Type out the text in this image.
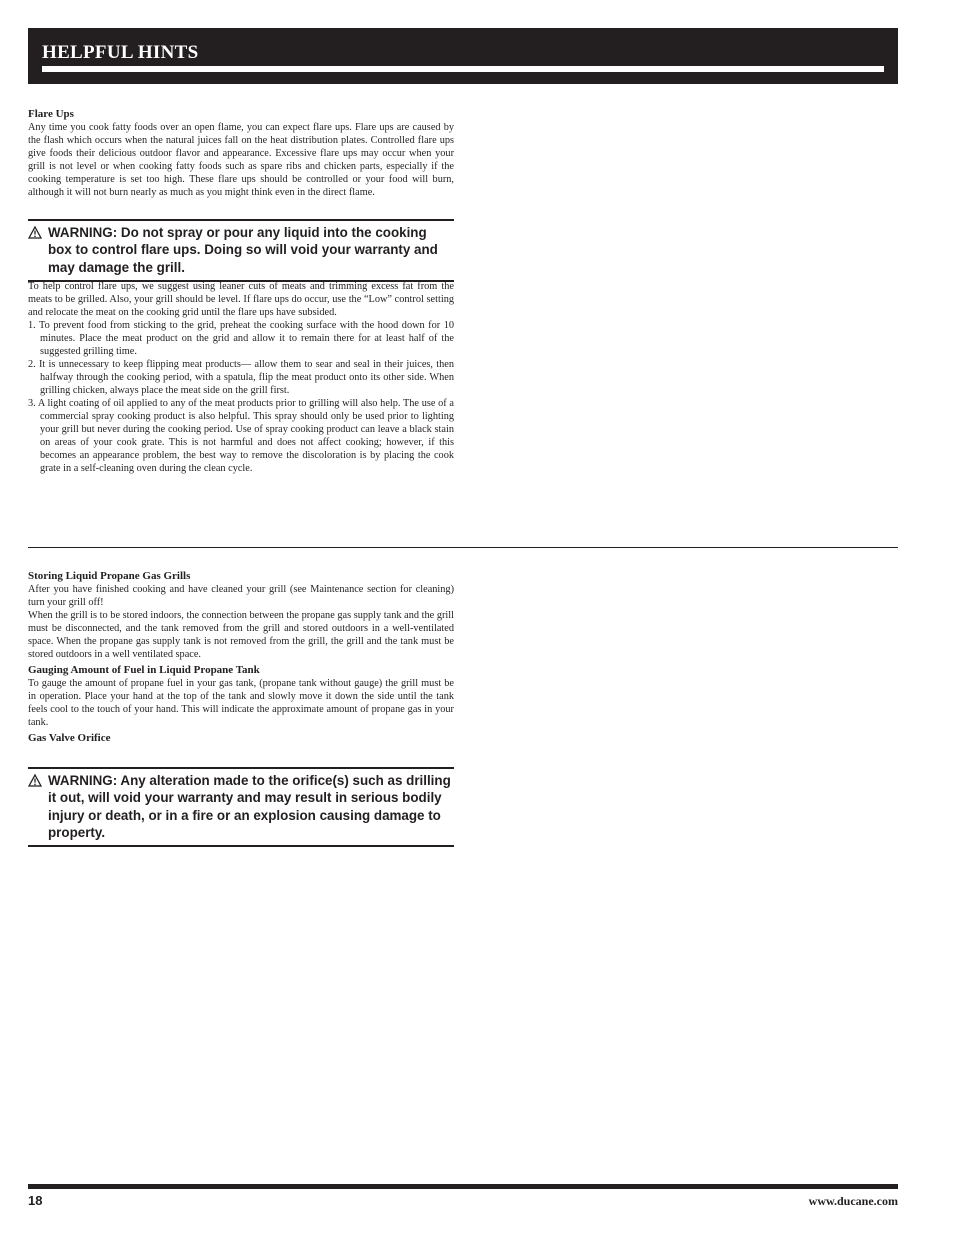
HELPFUL HINTS
Flare Ups
Any time you cook fatty foods over an open flame, you can expect flare ups. Flare ups are caused by the flash which occurs when the natural juices fall on the heat distribution plates. Controlled flare ups give foods their delicious outdoor flavor and appearance. Excessive flare ups may occur when your grill is not level or when cooking fatty foods such as spare ribs and chicken parts, especially if the cooking temperature is set too high. These flare ups should be controlled or your food will burn, although it will not burn nearly as much as you might think even in the direct flame.
WARNING: Do not spray or pour any liquid into the cooking box to control flare ups. Doing so will void your warranty and may damage the grill.
To help control flare ups, we suggest using leaner cuts of meats and trimming excess fat from the meats to be grilled. Also, your grill should be level. If flare ups do occur, use the “Low” control setting and relocate the meat on the cooking grid until the flare ups have subsided.
1. To prevent food from sticking to the grid, preheat the cooking surface with the hood down for 10 minutes. Place the meat product on the grid and allow it to remain there for at least half of the suggested grilling time.
2. It is unnecessary to keep flipping meat products— allow them to sear and seal in their juices, then halfway through the cooking period, with a spatula, flip the meat product onto its other side. When grilling chicken, always place the meat side on the grill first.
3. A light coating of oil applied to any of the meat products prior to grilling will also help. The use of a commercial spray cooking product is also helpful. This spray should only be used prior to lighting your grill but never during the cooking period. Use of spray cooking product can leave a black stain on areas of your cook grate. This is not harmful and does not affect cooking; however, if this becomes an appearance problem, the best way to remove the discoloration is by placing the cook grate in a self-cleaning oven during the clean cycle.
Storing Liquid Propane Gas Grills
After you have finished cooking and have cleaned your grill (see Maintenance section for cleaning) turn your grill off!
When the grill is to be stored indoors, the connection between the propane gas supply tank and the grill must be disconnected, and the tank removed from the grill and stored outdoors in a well-ventilated space. When the propane gas supply tank is not removed from the grill, the grill and the tank must be stored outdoors in a well ventilated space.
Gauging Amount of Fuel in Liquid Propane Tank
To gauge the amount of propane fuel in your gas tank, (propane tank without gauge) the grill must be in operation. Place your hand at the top of the tank and slowly move it down the side until the tank feels cool to the touch of your hand. This will indicate the approximate amount of propane gas in your tank.
Gas Valve Orifice
WARNING: Any alteration made to the orifice(s) such as drilling it out, will void your warranty and may result in serious bodily injury or death, or in a fire or an explosion causing damage to property.
18	www.ducane.com
